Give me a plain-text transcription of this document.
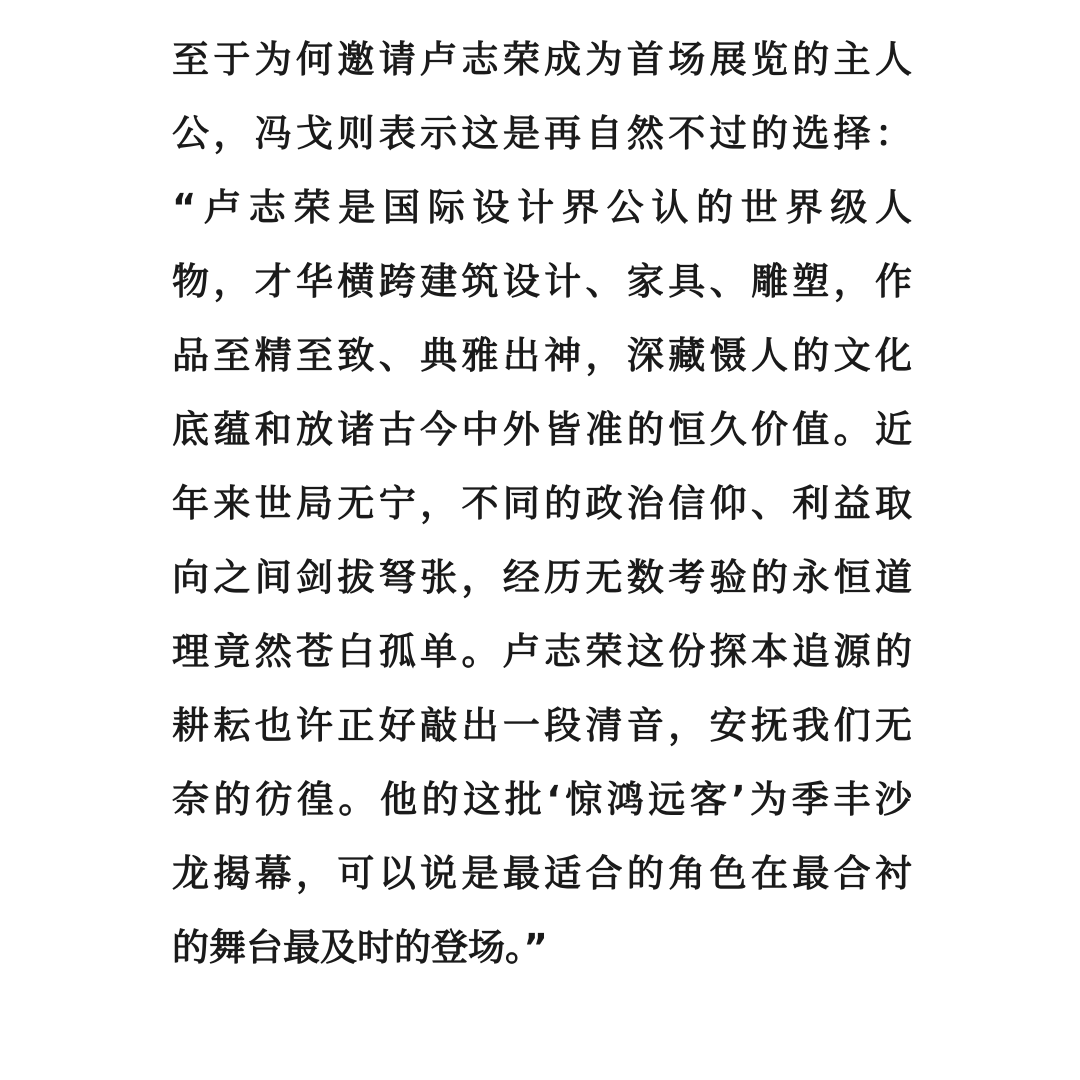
至于为何邀请卢志荣成为首场展览的主人
公，冯戈则表示这是再自然不过的选择：
“卢志荣是国际设计界公认的世界级人
物，才华横跨建筑设计、家具、雕塑，作
品至精至致、典雅出神，深藏慑人的文化
底蕴和放诸古今中外皆准的恒久价值。近
年来世局无宁，不同的政治信仰、利益取
向之间剑拔弩张，经历无数考验的永恒道
理竟然苍白孤单。卢志荣这份探本追源的
耕耘也许正好敲出一段清音，安抚我们无
奈的彷徨。他的这批‘惊鸿远客’为季丰沙
龙揭幕，可以说是最适合的角色在最合衬
的舞台最及时的登场。”
